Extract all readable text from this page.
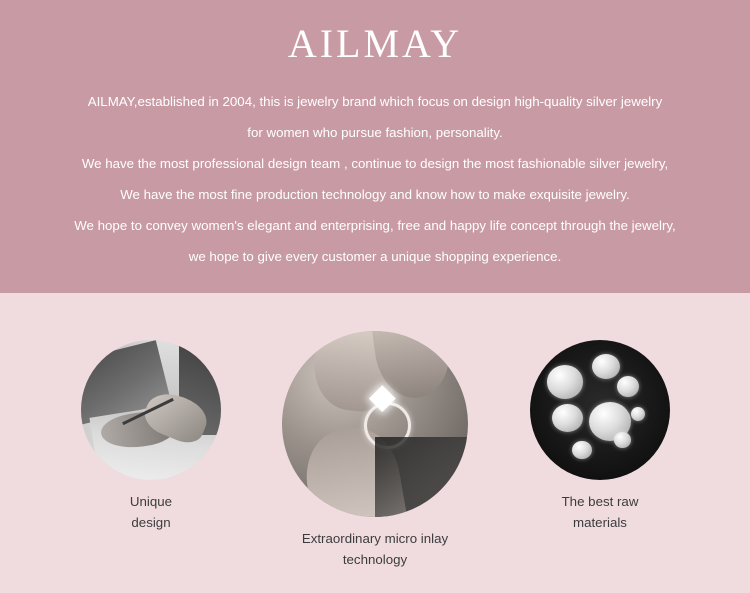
AILMAY
AILMAY,established in 2004, this is jewelry brand which focus on design high-quality silver jewelry
for women who pursue fashion, personality.
We have the most professional design team , continue to design the most fashionable silver jewelry,
We have the most fine production technology and know how to make exquisite jewelry.
We hope to convey women's elegant and enterprising, free and happy life concept through the jewelry,
we hope to give every customer a unique shopping experience.
Unique
design
Extraordinary micro inlay
technology
The best raw
materials
